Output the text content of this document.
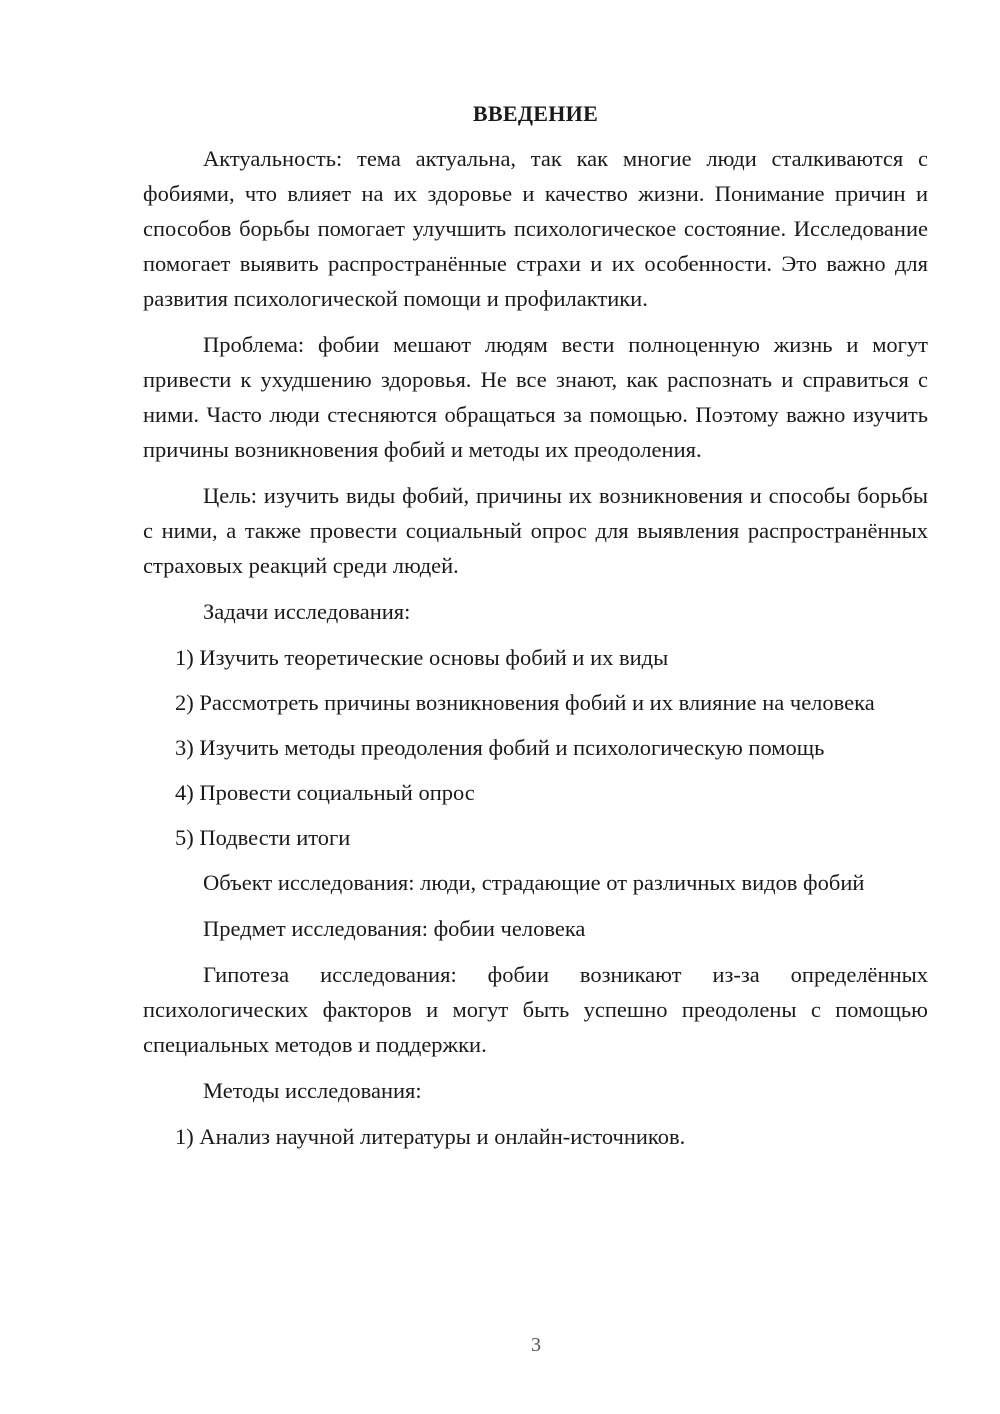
ВВЕДЕНИЕ

Актуальность: тема актуальна, так как многие люди сталкиваются с фобиями, что влияет на их здоровье и качество жизни. Понимание причин и способов борьбы помогает улучшить психологическое состояние. Исследование помогает выявить распространённые страхи и их особенности. Это важно для развития психологической помощи и профилактики.

Проблема: фобии мешают людям вести полноценную жизнь и могут привести к ухудшению здоровья. Не все знают, как распознать и справиться с ними. Часто люди стесняются обращаться за помощью. Поэтому важно изучить причины возникновения фобий и методы их преодоления.

Цель: изучить виды фобий, причины их возникновения и способы борьбы с ними, а также провести социальный опрос для выявления распространённых страховых реакций среди людей.

Задачи исследования:

1) Изучить теоретические основы фобий и их виды

2) Рассмотреть причины возникновения фобий и их влияние на человека

3) Изучить методы преодоления фобий и психологическую помощь

4) Провести социальный опрос

5) Подвести итоги

Объект исследования: люди, страдающие от различных видов фобий

Предмет исследования: фобии человека

Гипотеза исследования: фобии возникают из-за определённых психологических факторов и могут быть успешно преодолены с помощью специальных методов и поддержки.

Методы исследования:

1) Анализ научной литературы и онлайн-источников.

3
